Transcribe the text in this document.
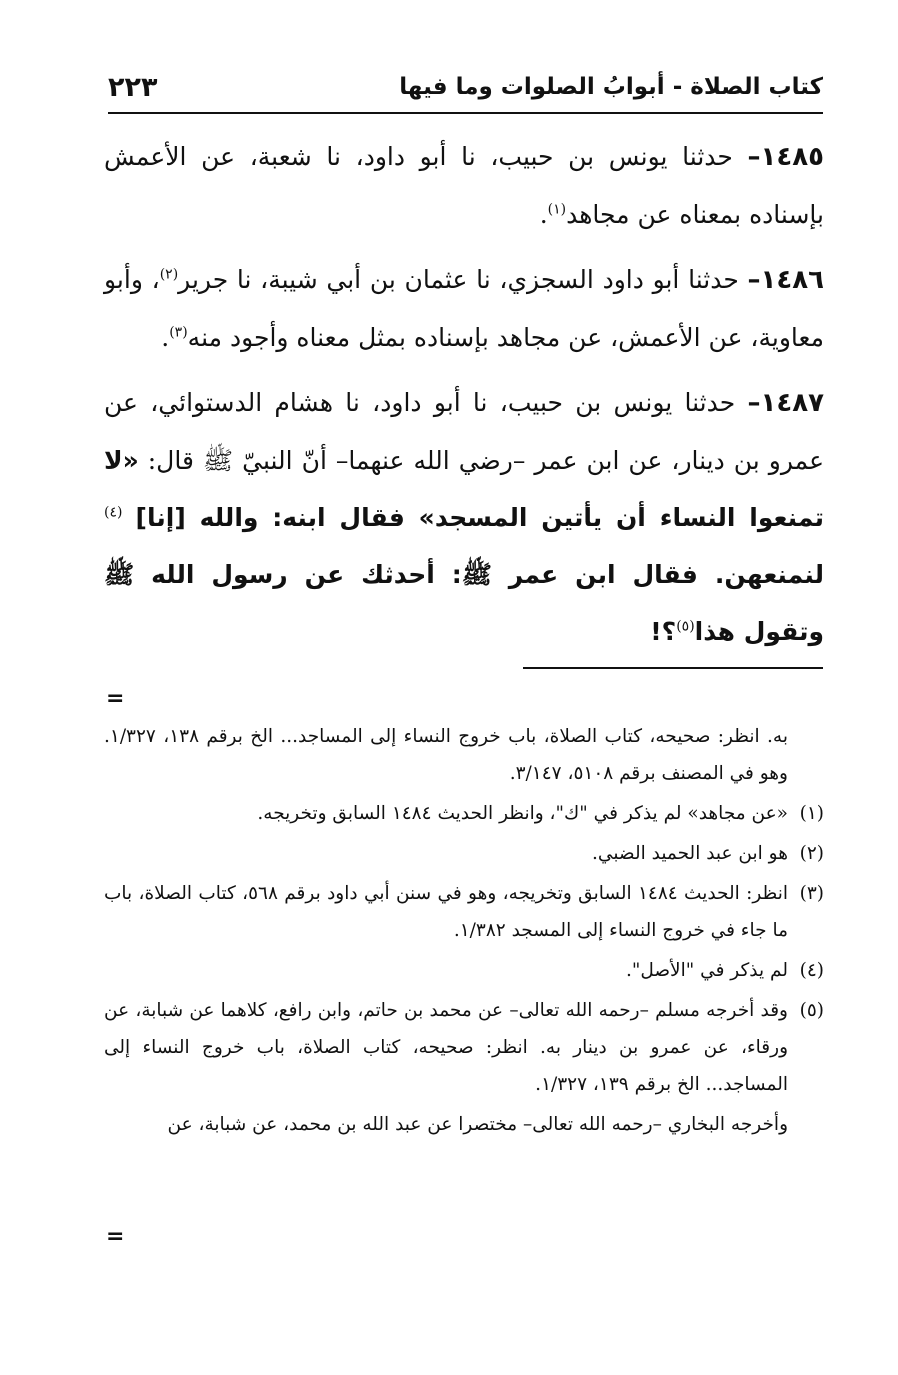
كتاب الصلاة - أبوابُ الصلوات وما فيها
٢٢٣

١٤٨٥– حدثنا يونس بن حبيب، نا أبو داود، نا شعبة، عن الأعمش بإسناده بمعناه عن مجاهد$^{(١)}$.

١٤٨٦– حدثنا أبو داود السجزي، نا عثمان بن أبي شيبة، نا جرير$^{(٢)}$، وأبو معاوية، عن الأعمش، عن مجاهد بإسناده بمثل معناه وأجود منه$^{(٣)}$.

١٤٨٧– حدثنا يونس بن حبيب، نا أبو داود، نا هشام الدستوائي، عن عمرو بن دينار، عن ابن عمر –رضي الله عنهما– أنّ النبيّ ﷺ قال: «لا تمنعوا النساء أن يأتين المسجد» فقال ابنه: والله [إنا] $^{(٤)}$ لنمنعهن. فقال ابن عمر ﷺ: أحدثك عن رسول الله ﷺ وتقول هذا$^{(٥)}$؟!

=

به. انظر: صحيحه، كتاب الصلاة، باب خروج النساء إلى المساجد... الخ برقم ١٣٨، ١/٣٢٧. وهو في المصنف برقم ٥١٠٨، ٣/١٤٧.

(١)«عن مجاهد» لم يذكر في "ك"، وانظر الحديث ١٤٨٤ السابق وتخريجه.

(٢)هو ابن عبد الحميد الضبي.

(٣)انظر: الحديث ١٤٨٤ السابق وتخريجه، وهو في سنن أبي داود برقم ٥٦٨، كتاب الصلاة، باب ما جاء في خروج النساء إلى المسجد ١/٣٨٢.

(٤)لم يذكر في "الأصل".

(٥)وقد أخرجه مسلم –رحمه الله تعالى– عن محمد بن حاتم، وابن رافع، كلاهما عن شبابة، عن ورقاء، عن عمرو بن دينار به. انظر: صحيحه، كتاب الصلاة، باب خروج النساء إلى المساجد... الخ برقم ١٣٩، ١/٣٢٧.

وأخرجه البخاري –رحمه الله تعالى– مختصرا عن عبد الله بن محمد، عن شبابة، عن

=
